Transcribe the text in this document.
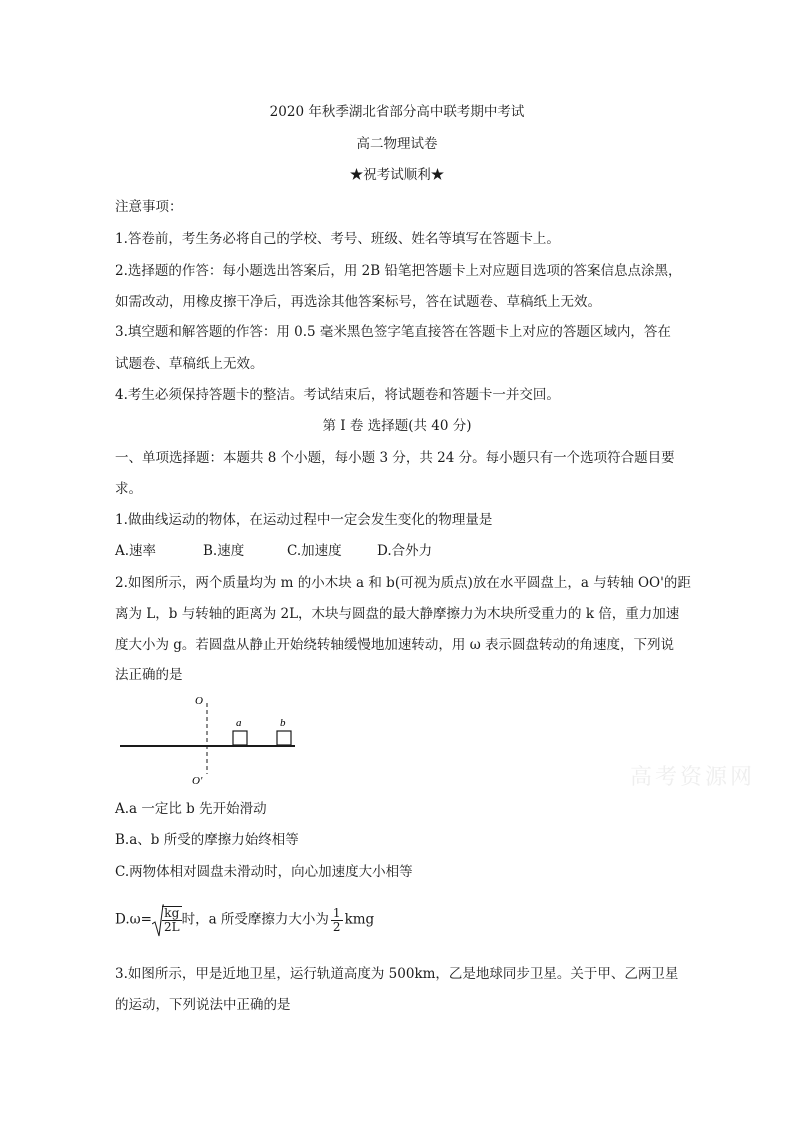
2020 年秋季湖北省部分高中联考期中考试
高二物理试卷
★祝考试顺利★
注意事项：
1.答卷前，考生务必将自己的学校、考号、班级、姓名等填写在答题卡上。
2.选择题的作答：每小题选出答案后，用 2B 铅笔把答题卡上对应题目选项的答案信息点涂黑，
如需改动，用橡皮擦干净后，再选涂其他答案标号，答在试题卷、草稿纸上无效。
3.填空题和解答题的作答：用 0.5 毫米黑色签字笔直接答在答题卡上对应的答题区域内，答在
试题卷、草稿纸上无效。
4.考生必须保持答题卡的整洁。考试结束后，将试题卷和答题卡一并交回。
第 I 卷 选择题(共 40 分)
一、单项选择题：本题共 8 个小题，每小题 3 分，共 24 分。每小题只有一个选项符合题目要
求。
1.做曲线运动的物体，在运动过程中一定会发生变化的物理量是
A.速率	B.速度	C.加速度	D.合外力
2.如图所示，两个质量均为 m 的小木块 a 和 b(可视为质点)放在水平圆盘上，a 与转轴 OO'的距
离为 L，b 与转轴的距离为 2L，木块与圆盘的最大静摩擦力为木块所受重力的 k 倍，重力加速
度大小为 g。若圆盘从静止开始绕转轴缓慢地加速转动，用 ω 表示圆盘转动的角速度，下列说
法正确的是
O
O'
a	b
A.a 一定比 b 先开始滑动
B.a、b 所受的摩擦力始终相等
C.两物体相对圆盘未滑动时，向心加速度大小相等
$D.\omega= \frac{kg}{2L}$ 时，a 所受摩擦力大小为 $\frac{1}{2}$ kmg
3.如图所示，甲是近地卫星，运行轨道高度为 500km，乙是地球同步卫星。关于甲、乙两卫星
的运动，下列说法中正确的是
高考资源网
